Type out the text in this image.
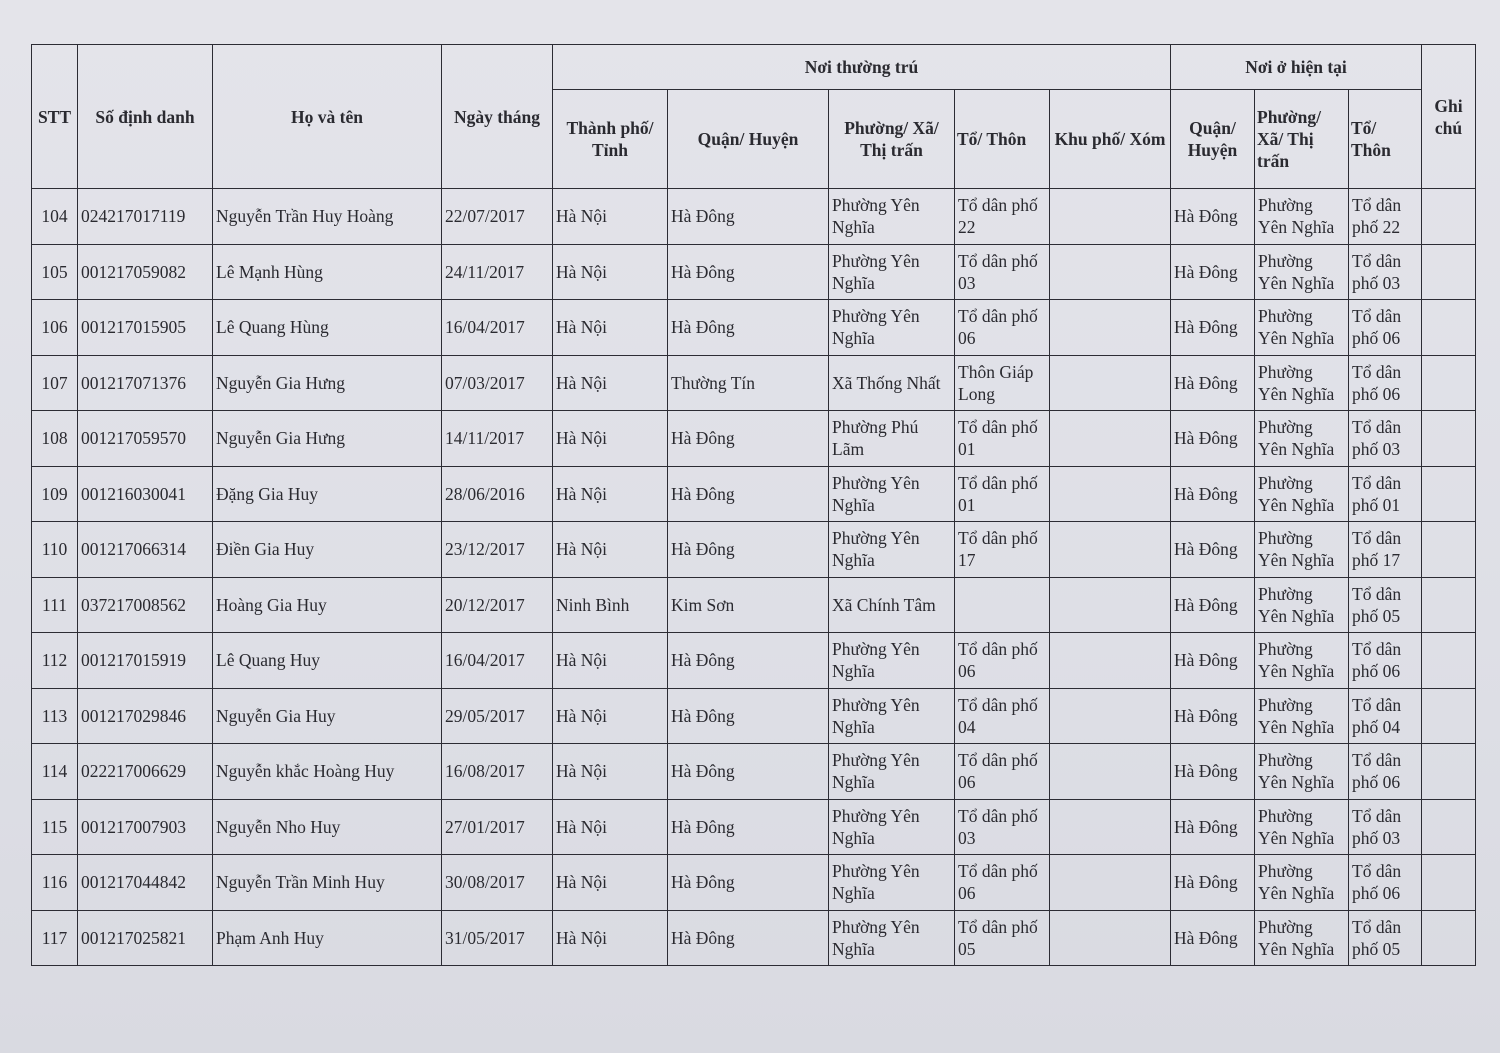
STT	Số định danh	Họ và tên	Ngày tháng	Nơi thường trú					Nơi ở hiện tại			Ghi chú
				Thành phố/ Tỉnh	Quận/ Huyện	Phường/ Xã/ Thị trấn	Tổ/ Thôn	Khu phố/ Xóm	Quận/ Huyện	Phường/ Xã/ Thị trấn	Tổ/ Thôn	
104	024217017119	Nguyễn Trần Huy Hoàng	22/07/2017	Hà Nội	Hà Đông	Phường Yên Nghĩa	Tổ dân phố 22		Hà Đông	Phường Yên Nghĩa	Tổ dân phố 22	
105	001217059082	Lê Mạnh Hùng	24/11/2017	Hà Nội	Hà Đông	Phường Yên Nghĩa	Tổ dân phố 03		Hà Đông	Phường Yên Nghĩa	Tổ dân phố 03	
106	001217015905	Lê Quang Hùng	16/04/2017	Hà Nội	Hà Đông	Phường Yên Nghĩa	Tổ dân phố 06		Hà Đông	Phường Yên Nghĩa	Tổ dân phố 06	
107	001217071376	Nguyễn Gia Hưng	07/03/2017	Hà Nội	Thường Tín	Xã Thống Nhất	Thôn Giáp Long		Hà Đông	Phường Yên Nghĩa	Tổ dân phố 06	
108	001217059570	Nguyễn Gia Hưng	14/11/2017	Hà Nội	Hà Đông	Phường Phú Lãm	Tổ dân phố 01		Hà Đông	Phường Yên Nghĩa	Tổ dân phố 03	
109	001216030041	Đặng Gia Huy	28/06/2016	Hà Nội	Hà Đông	Phường Yên Nghĩa	Tổ dân phố 01		Hà Đông	Phường Yên Nghĩa	Tổ dân phố 01	
110	001217066314	Điền Gia Huy	23/12/2017	Hà Nội	Hà Đông	Phường Yên Nghĩa	Tổ dân phố 17		Hà Đông	Phường Yên Nghĩa	Tổ dân phố 17	
111	037217008562	Hoàng Gia Huy	20/12/2017	Ninh Bình	Kim Sơn	Xã Chính Tâm			Hà Đông	Phường Yên Nghĩa	Tổ dân phố 05	
112	001217015919	Lê Quang Huy	16/04/2017	Hà Nội	Hà Đông	Phường Yên Nghĩa	Tổ dân phố 06		Hà Đông	Phường Yên Nghĩa	Tổ dân phố 06	
113	001217029846	Nguyễn Gia Huy	29/05/2017	Hà Nội	Hà Đông	Phường Yên Nghĩa	Tổ dân phố 04		Hà Đông	Phường Yên Nghĩa	Tổ dân phố 04	
114	022217006629	Nguyễn khắc Hoàng Huy	16/08/2017	Hà Nội	Hà Đông	Phường Yên Nghĩa	Tổ dân phố 06		Hà Đông	Phường Yên Nghĩa	Tổ dân phố 06	
115	001217007903	Nguyễn Nho Huy	27/01/2017	Hà Nội	Hà Đông	Phường Yên Nghĩa	Tổ dân phố 03		Hà Đông	Phường Yên Nghĩa	Tổ dân phố 03	
116	001217044842	Nguyễn Trần Minh Huy	30/08/2017	Hà Nội	Hà Đông	Phường Yên Nghĩa	Tổ dân phố 06		Hà Đông	Phường Yên Nghĩa	Tổ dân phố 06	
117	001217025821	Phạm Anh Huy	31/05/2017	Hà Nội	Hà Đông	Phường Yên Nghĩa	Tổ dân phố 05		Hà Đông	Phường Yên Nghĩa	Tổ dân phố 05	
